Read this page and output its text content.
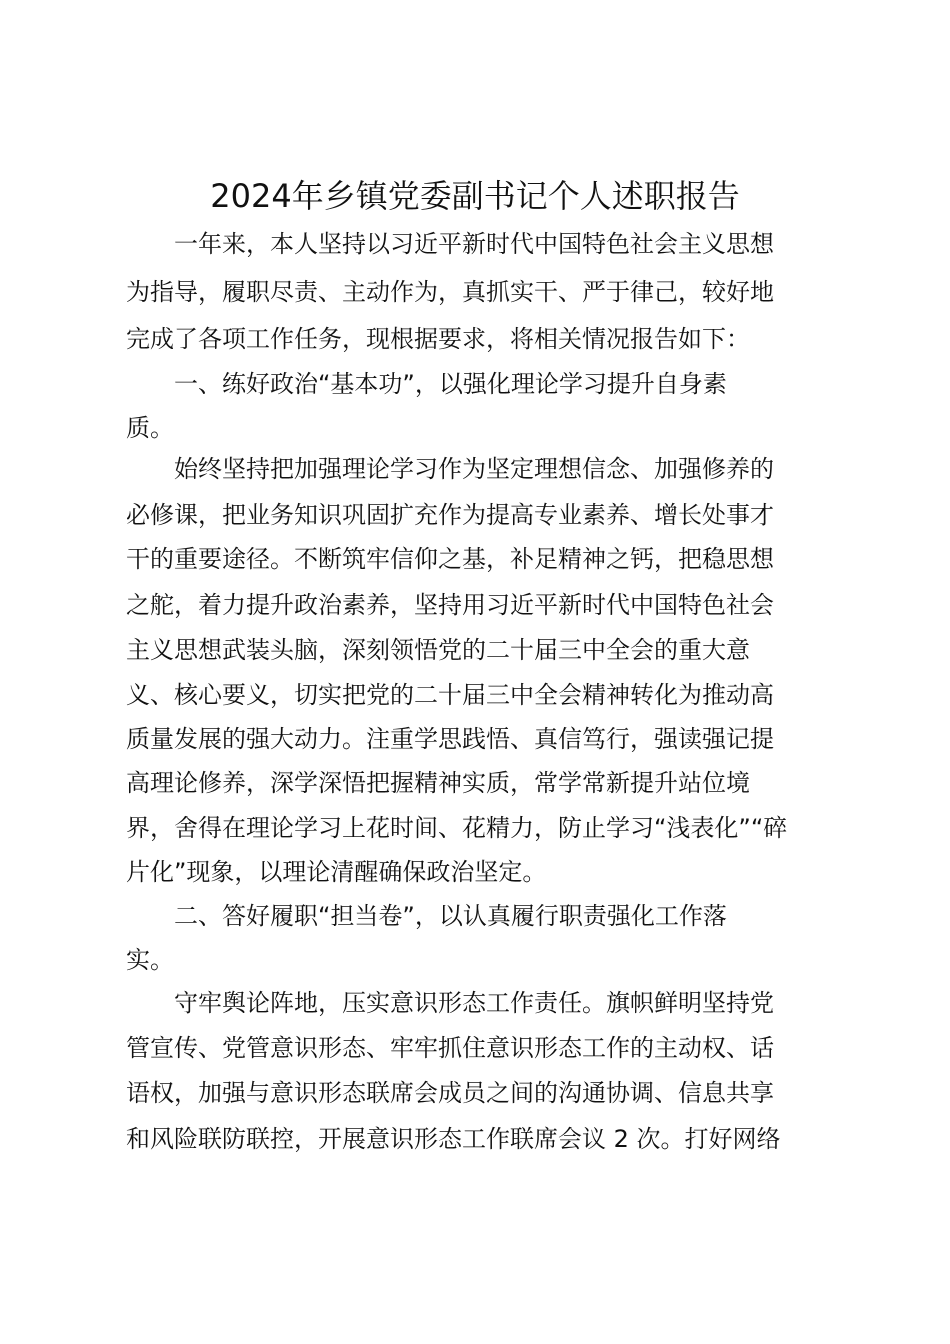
2024年乡镇党委副书记个人述职报告
一年来，本人坚持以习近平新时代中国特色社会主义思想
为指导，履职尽责、主动作为，真抓实干、严于律己，较好地
完成了各项工作任务，现根据要求，将相关情况报告如下：
一、练好政治“基本功”，以强化理论学习提升自身素
质。
始终坚持把加强理论学习作为坚定理想信念、加强修养的
必修课，把业务知识巩固扩充作为提高专业素养、增长处事才
干的重要途径。不断筑牢信仰之基，补足精神之钙，把稳思想
之舵，着力提升政治素养，坚持用习近平新时代中国特色社会
主义思想武装头脑，深刻领悟党的二十届三中全会的重大意
义、核心要义，切实把党的二十届三中全会精神转化为推动高
质量发展的强大动力。注重学思践悟、真信笃行，强读强记提
高理论修养，深学深悟把握精神实质，常学常新提升站位境
界，舍得在理论学习上花时间、花精力，防止学习“浅表化”“碎
片化”现象，以理论清醒确保政治坚定。
二、答好履职“担当卷”，以认真履行职责强化工作落
实。
守牢舆论阵地，压实意识形态工作责任。旗帜鲜明坚持党
管宣传、党管意识形态、牢牢抓住意识形态工作的主动权、话
语权，加强与意识形态联席会成员之间的沟通协调、信息共享
和风险联防联控，开展意识形态工作联席会议 2 次。打好网络
